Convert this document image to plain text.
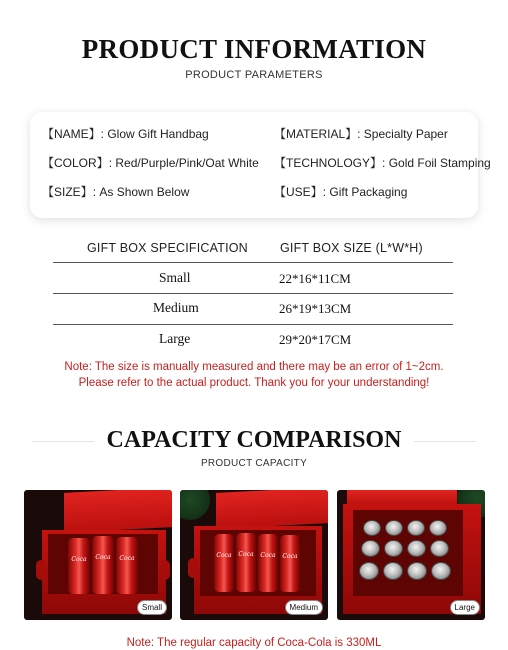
PRODUCT INFORMATION
PRODUCT PARAMETERS
【NAME】: Glow Gift Handbag	【MATERIAL】: Specialty Paper
【COLOR】: Red/Purple/Pink/Oat White 【TECHNOLOGY】: Gold Foil Stamping
【SIZE】: As Shown Below	【USE】: Gift Packaging
GIFT BOX SPECIFICATION	GIFT BOX SIZE (L*W*H)
Small	22*16*11CM
Medium	26*19*13CM
Large	29*20*17CM
Note: The size is manually measured and there may be an error of 1~2cm.
Please refer to the actual product. Thank you for your understanding!
CAPACITY COMPARISON
PRODUCT CAPACITY
Coca Coca Coca
Small
Coca Coca Coca Coca
Medium	Large
Note: The regular capacity of Coca-Cola is 330ML
